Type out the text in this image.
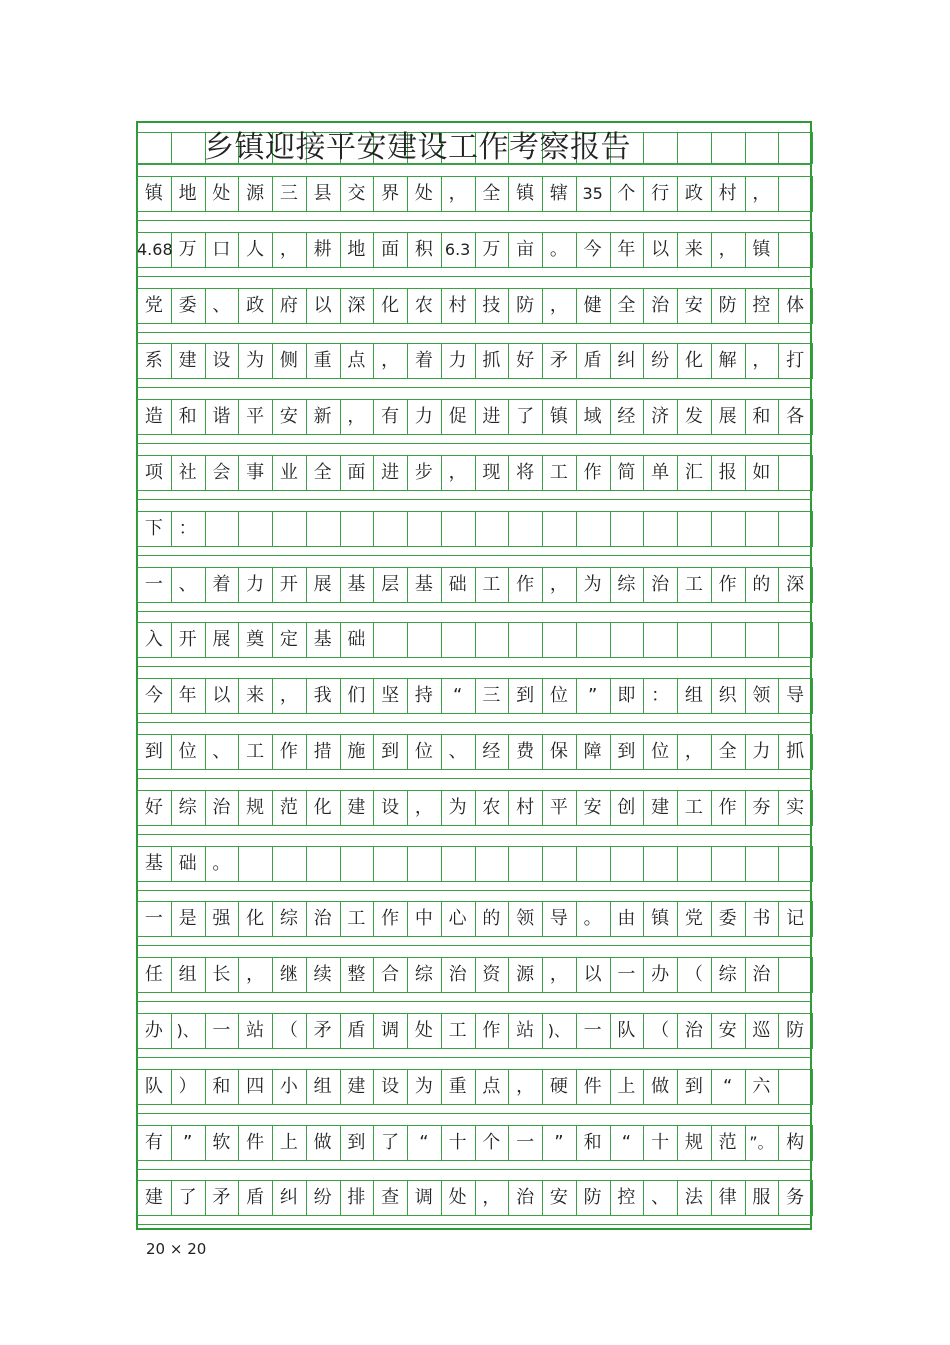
乡镇迎接平安建设工作考察报告
镇 地 处 源 三 县 交 界 处 ， 全 镇 辖 35 个 行 政 村 ，
4.68 万 口 人 ， 耕 地 面 积 6.3 万 亩 。 今 年 以 来 ， 镇
党 委 、 政 府 以 深 化 农 村 技 防 ， 健 全 治 安 防 控 体
系 建 设 为 侧 重 点 ， 着 力 抓 好 矛 盾 纠 纷 化 解 ， 打
造 和 谐 平 安 新 ， 有 力 促 进 了 镇 域 经 济 发 展 和 各
项 社 会 事 业 全 面 进 步 ， 现 将 工 作 简 单 汇 报 如
下 ：
一 、 着 力 开 展 基 层 基 础 工 作 ， 为 综 治 工 作 的 深
入 开 展 奠 定 基 础
今 年 以 来 ， 我 们 坚 持	“	三 到 位	”	即 ： 组 织 领 导
到 位 、 工 作 措 施 到 位 、 经 费 保 障 到 位 ， 全 力 抓
好 综 治 规 范 化 建 设 ， 为 农 村 平 安 创 建 工 作 夯 实
基 础 。
一 是 强 化 综 治 工 作 中 心 的 领 导 。 由 镇 党 委 书 记
任 组 长 ， 继 续 整 合 综 治 资 源 ， 以 一 办 （ 综 治
办 )、 一 站 （ 矛 盾 调 处 工 作 站 )、 一 队 （ 治 安 巡 防
队 ） 和 四 小 组 建 设 为 重 点 ， 硬 件 上 做 到	“	六
有	”	软 件 上 做 到 了	“	十 个 一	”	和	“	十 规 范 ”。 构
建 了 矛 盾 纠 纷 排 查 调 处 ， 治 安 防 控 、 法 律 服 务
20 × 20
